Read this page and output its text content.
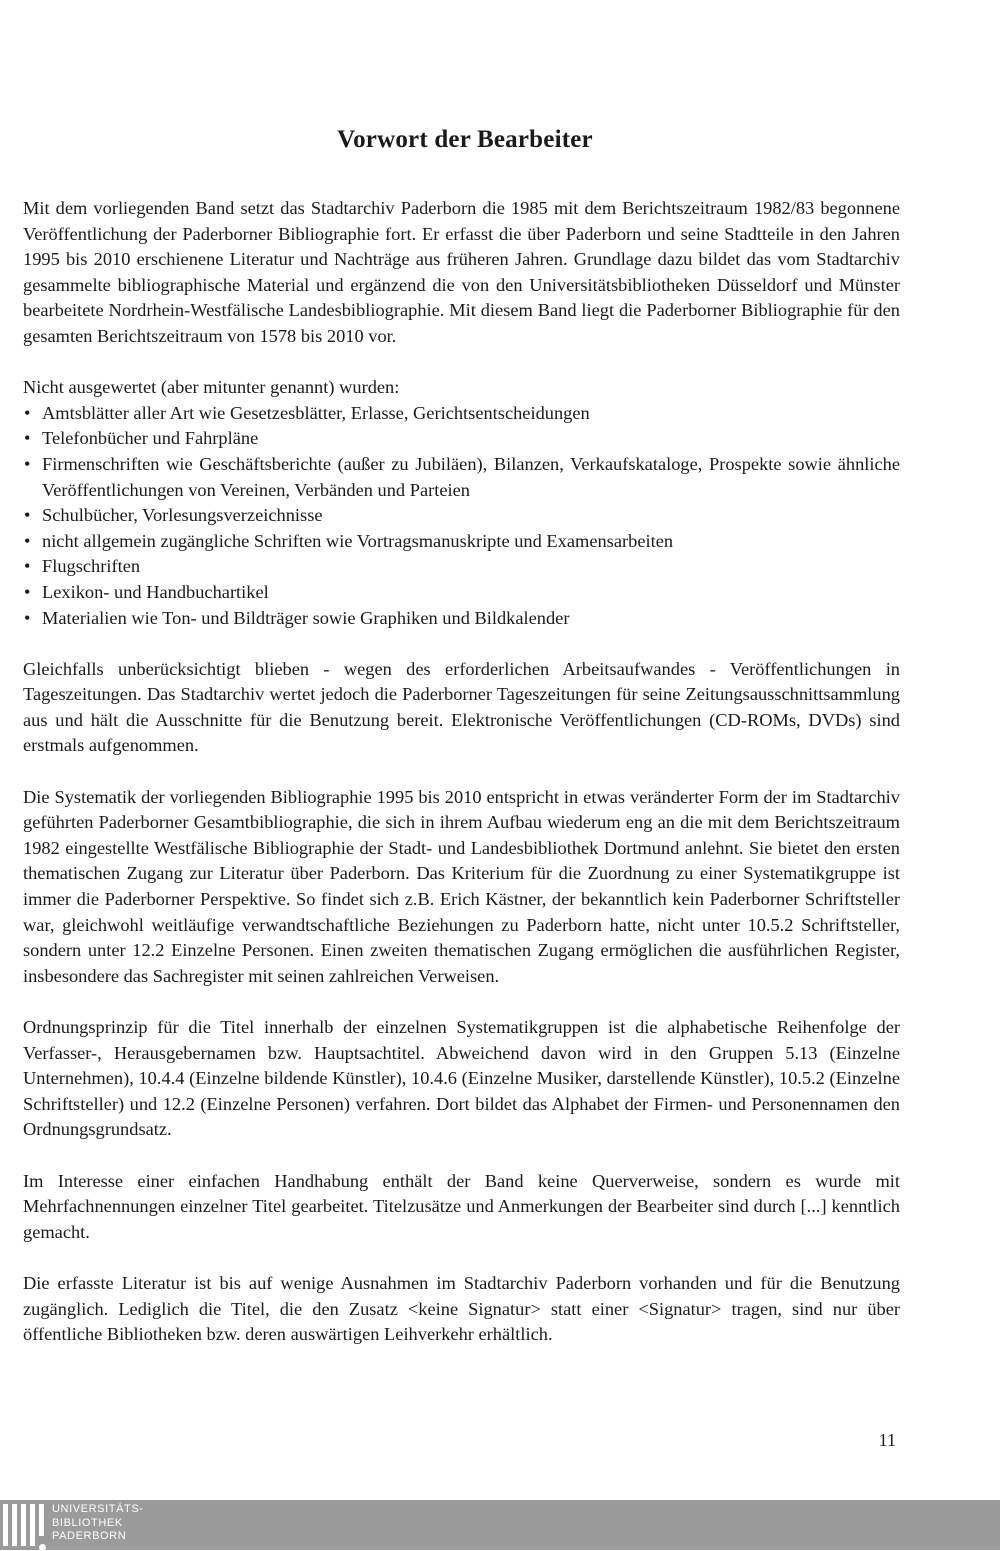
Vorwort der Bearbeiter

Mit dem vorliegenden Band setzt das Stadtarchiv Paderborn die 1985 mit dem Berichtszeitraum 1982/83 begonnene Veröffentlichung der Paderborner Bibliographie fort. Er erfasst die über Paderborn und seine Stadtteile in den Jahren 1995 bis 2010 erschienene Literatur und Nachträge aus früheren Jahren. Grundlage dazu bildet das vom Stadtarchiv gesammelte bibliographische Material und ergänzend die von den Universitätsbibliotheken Düsseldorf und Münster bearbeitete Nordrhein-Westfälische Landesbibliographie. Mit diesem Band liegt die Paderborner Bibliographie für den gesamten Berichtszeitraum von 1578 bis 2010 vor.

Nicht ausgewertet (aber mitunter genannt) wurden:

• Amtsblätter aller Art wie Gesetzesblätter, Erlasse, Gerichtsentscheidungen
• Telefonbücher und Fahrpläne
• Firmenschriften wie Geschäftsberichte (außer zu Jubiläen), Bilanzen, Verkaufskataloge, Prospekte sowie ähnliche Veröffentlichungen von Vereinen, Verbänden und Parteien
• Schulbücher, Vorlesungsverzeichnisse
• nicht allgemein zugängliche Schriften wie Vortragsmanuskripte und Examensarbeiten
• Flugschriften
• Lexikon- und Handbuchartikel
• Materialien wie Ton- und Bildträger sowie Graphiken und Bildkalender

Gleichfalls unberücksichtigt blieben - wegen des erforderlichen Arbeitsaufwandes - Veröffentlichungen in Tageszeitungen. Das Stadtarchiv wertet jedoch die Paderborner Tageszeitungen für seine Zeitungsausschnittsammlung aus und hält die Ausschnitte für die Benutzung bereit. Elektronische Veröffentlichungen (CD-ROMs, DVDs) sind erstmals aufgenommen.

Die Systematik der vorliegenden Bibliographie 1995 bis 2010 entspricht in etwas veränderter Form der im Stadtarchiv geführten Paderborner Gesamtbibliographie, die sich in ihrem Aufbau wiederum eng an die mit dem Berichtszeitraum 1982 eingestellte Westfälische Bibliographie der Stadt- und Landesbibliothek Dortmund anlehnt. Sie bietet den ersten thematischen Zugang zur Literatur über Paderborn. Das Kriterium für die Zuordnung zu einer Systematikgruppe ist immer die Paderborner Perspektive. So findet sich z.B. Erich Kästner, der bekanntlich kein Paderborner Schriftsteller war, gleichwohl weitläufige verwandtschaftliche Beziehungen zu Paderborn hatte, nicht unter 10.5.2 Schriftsteller, sondern unter 12.2 Einzelne Personen. Einen zweiten thematischen Zugang ermöglichen die ausführlichen Register, insbesondere das Sachregister mit seinen zahlreichen Verweisen.

Ordnungsprinzip für die Titel innerhalb der einzelnen Systematikgruppen ist die alphabetische Reihenfolge der Verfasser-, Herausgebernamen bzw. Hauptsachtitel. Abweichend davon wird in den Gruppen 5.13 (Einzelne Unternehmen), 10.4.4 (Einzelne bildende Künstler), 10.4.6 (Einzelne Musiker, darstellende Künstler), 10.5.2 (Einzelne Schriftsteller) und 12.2 (Einzelne Personen) verfahren. Dort bildet das Alphabet der Firmen- und Personennamen den Ordnungsgrundsatz.

Im Interesse einer einfachen Handhabung enthält der Band keine Querverweise, sondern es wurde mit Mehrfachnennungen einzelner Titel gearbeitet. Titelzusätze und Anmerkungen der Bearbeiter sind durch [...] kenntlich gemacht.

Die erfasste Literatur ist bis auf wenige Ausnahmen im Stadtarchiv Paderborn vorhanden und für die Benutzung zugänglich. Lediglich die Titel, die den Zusatz <keine Signatur> statt einer <Signatur> tragen, sind nur über öffentliche Bibliotheken bzw. deren auswärtigen Leihverkehr erhältlich.

11
UNIVERSITÄTS-
BIBLIOTHEK
PADERBORN
